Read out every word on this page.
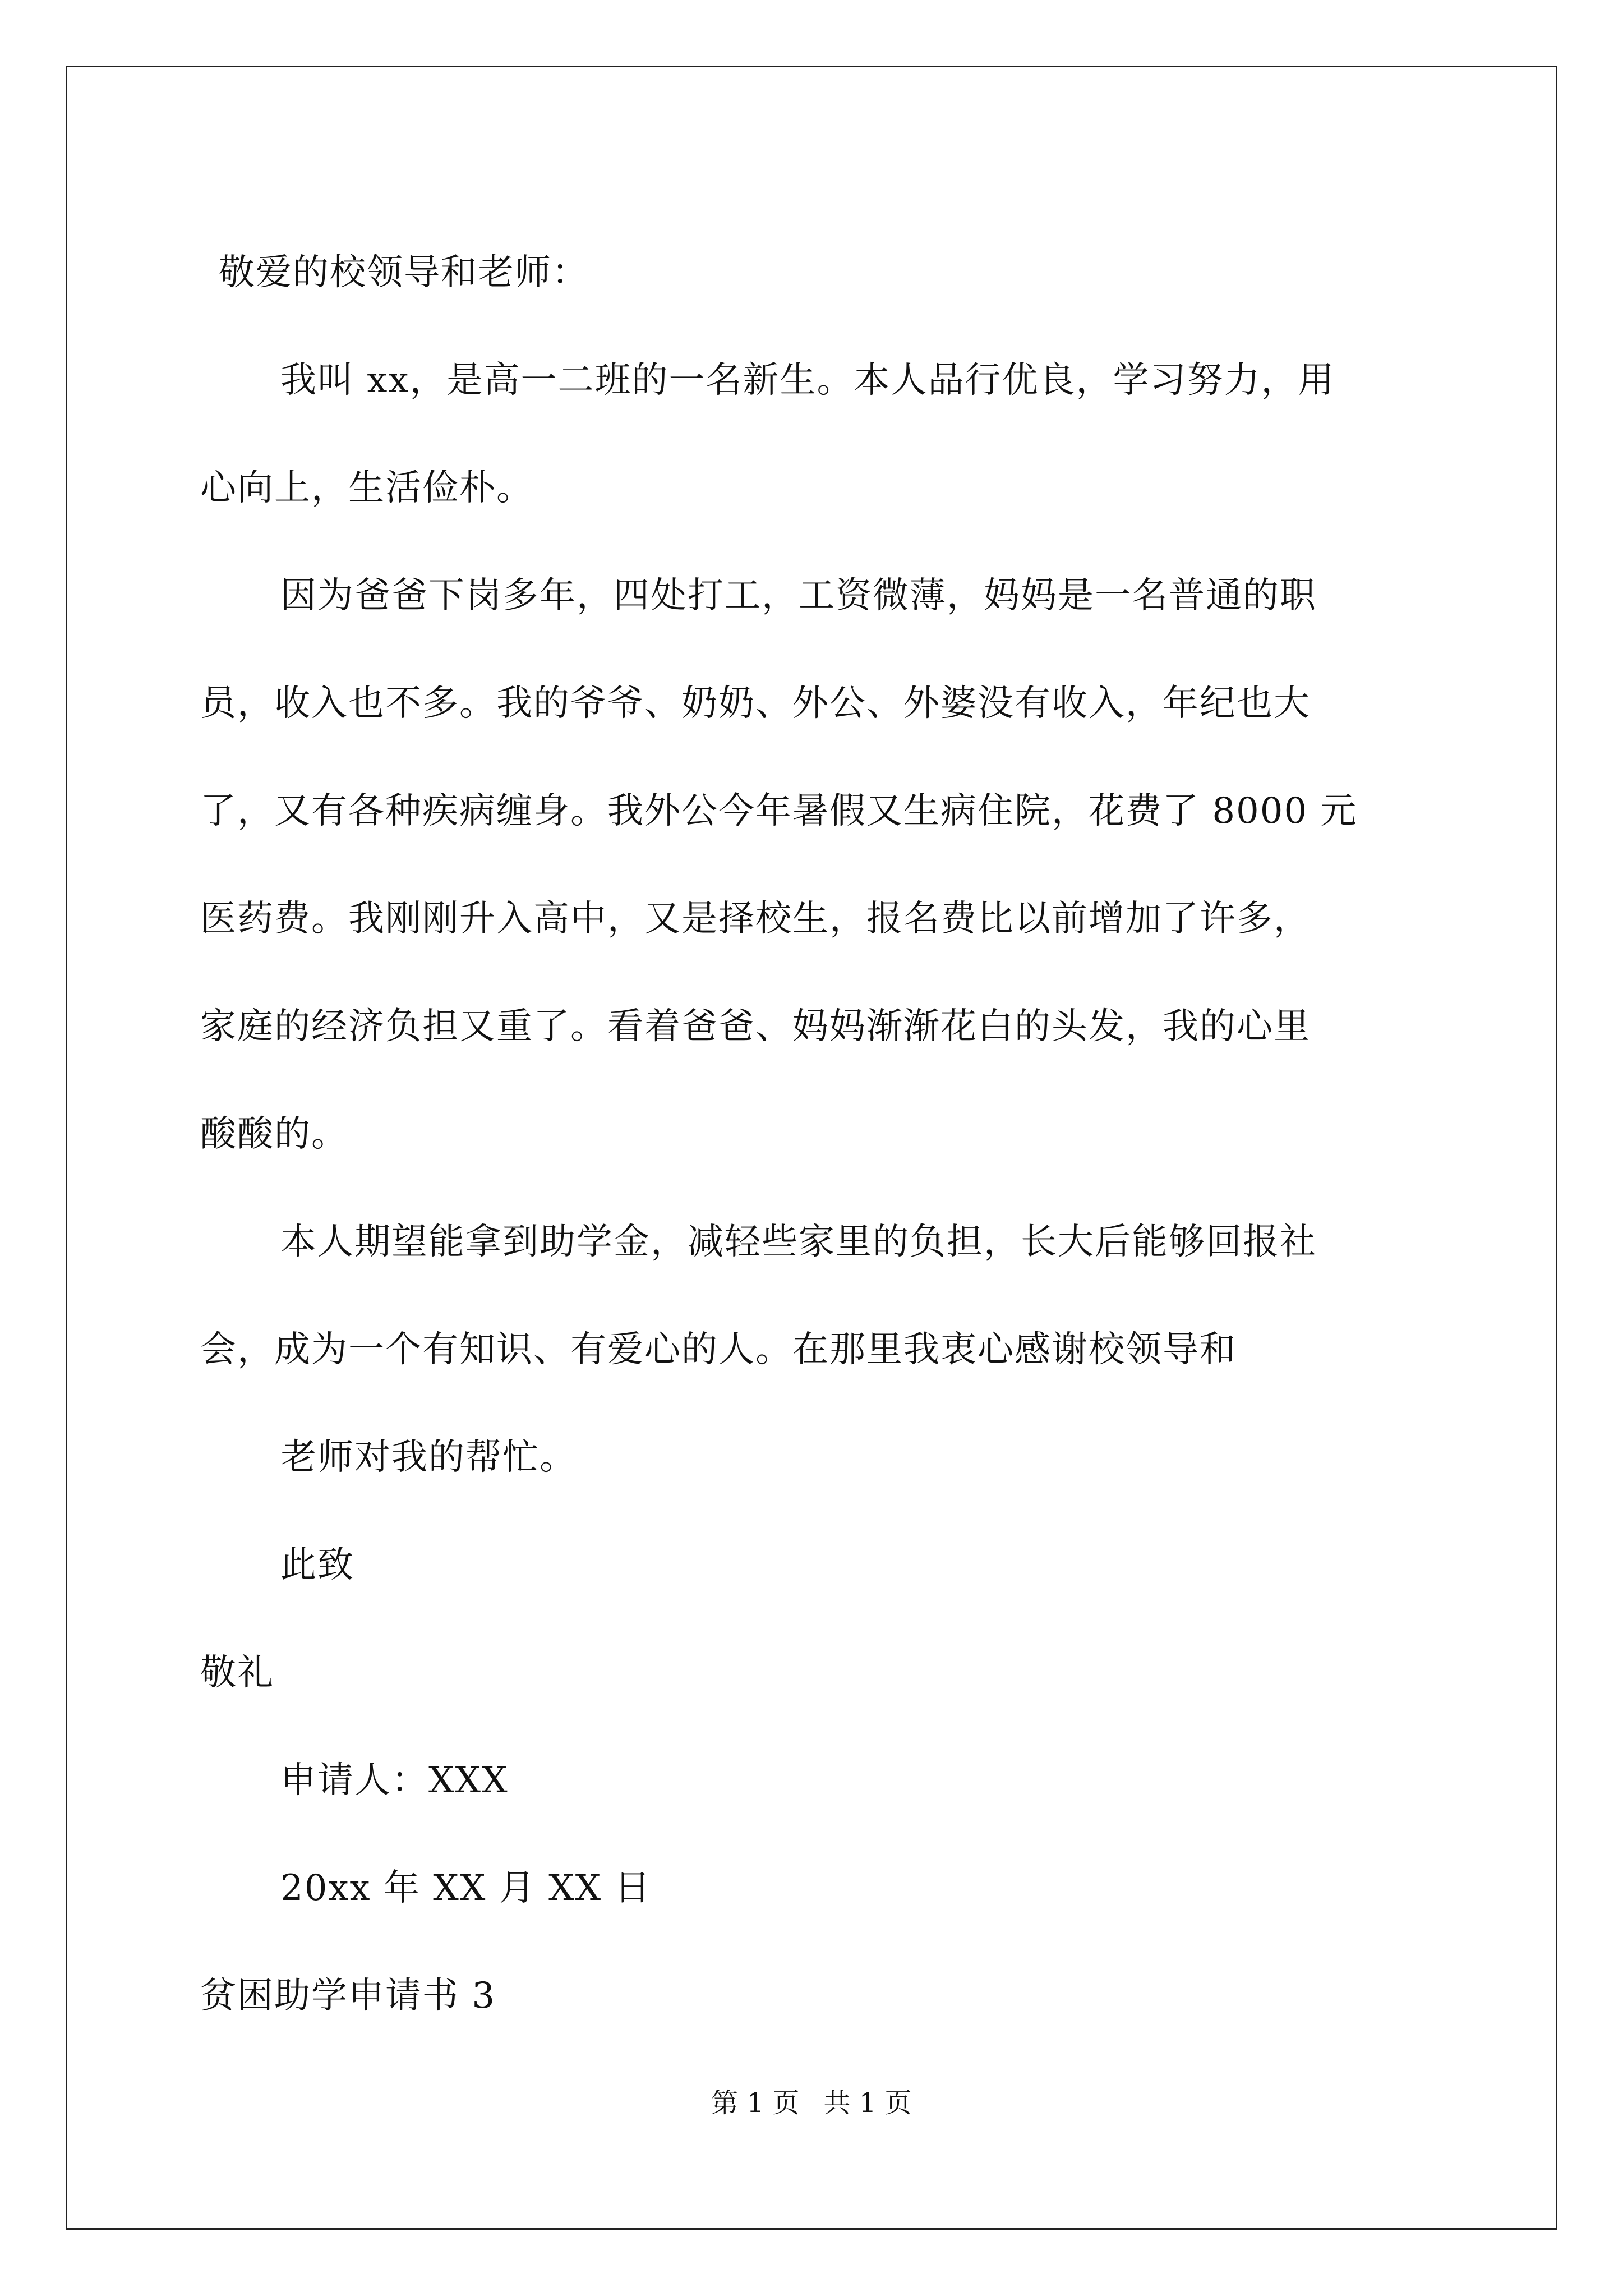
敬爱的校领导和老师：
我叫 xx，是高一二班的一名新生。本人品行优良，学习努力，用
心向上，生活俭朴。
因为爸爸下岗多年，四处打工，工资微薄，妈妈是一名普通的职
员，收入也不多。我的爷爷、奶奶、外公、外婆没有收入，年纪也大
了，又有各种疾病缠身。我外公今年暑假又生病住院，花费了 8000 元
医药费。我刚刚升入高中，又是择校生，报名费比以前增加了许多，
家庭的经济负担又重了。看着爸爸、妈妈渐渐花白的头发，我的心里
酸酸的。
本人期望能拿到助学金，减轻些家里的负担，长大后能够回报社
会，成为一个有知识、有爱心的人。在那里我衷心感谢校领导和
老师对我的帮忙。
此致
敬礼
申请人：XXX
20xx 年 XX 月 XX 日
贫困助学申请书 3
第 1 页 共 1 页
